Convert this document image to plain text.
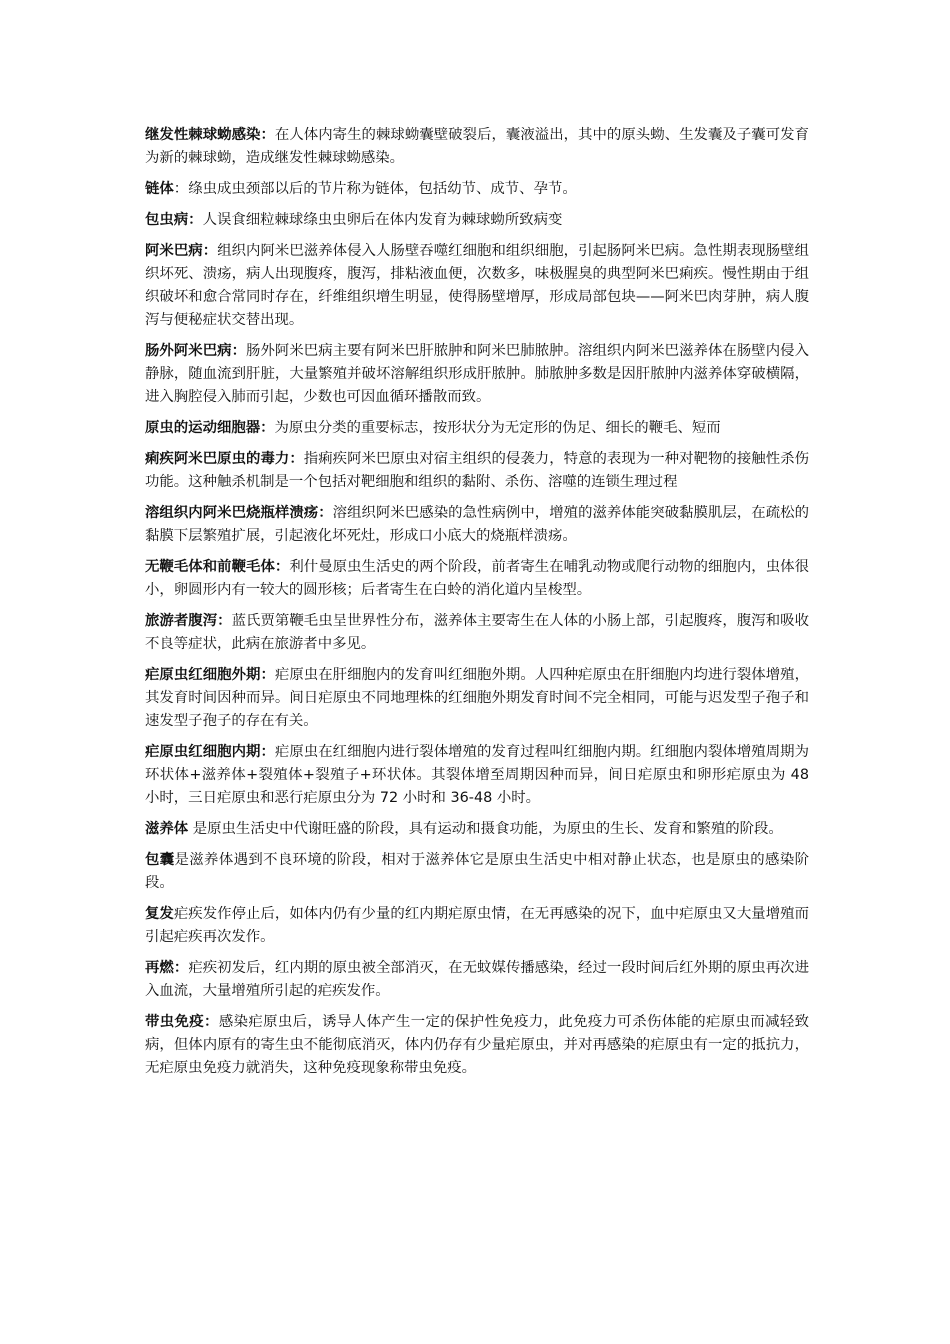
继发性棘球蚴感染：在人体内寄生的棘球蚴囊壁破裂后，囊液溢出，其中的原头蚴、生发囊及子囊可发育为新的棘球蚴，造成继发性棘球蚴感染。

链体：绦虫成虫颈部以后的节片称为链体，包括幼节、成节、孕节。

包虫病：人误食细粒棘球绦虫虫卵后在体内发育为棘球蚴所致病变

阿米巴病：组织内阿米巴滋养体侵入人肠壁吞噬红细胞和组织细胞，引起肠阿米巴病。急性期表现肠壁组织坏死、溃疡，病人出现腹疼，腹泻，排粘液血便，次数多，味极腥臭的典型阿米巴痢疾。慢性期由于组织破坏和愈合常同时存在，纤维组织增生明显，使得肠壁增厚，形成局部包块——阿米巴肉芽肿，病人腹泻与便秘症状交替出现。

肠外阿米巴病：肠外阿米巴病主要有阿米巴肝脓肿和阿米巴肺脓肿。溶组织内阿米巴滋养体在肠壁内侵入静脉，随血流到肝脏，大量繁殖并破坏溶解组织形成肝脓肿。肺脓肿多数是因肝脓肿内滋养体穿破横隔，进入胸腔侵入肺而引起，少数也可因血循环播散而致。

原虫的运动细胞器：为原虫分类的重要标志，按形状分为无定形的伪足、细长的鞭毛、短而

痢疾阿米巴原虫的毒力：指痢疾阿米巴原虫对宿主组织的侵袭力，特意的表现为一种对靶物的接触性杀伤功能。这种触杀机制是一个包括对靶细胞和组织的黏附、杀伤、溶噬的连锁生理过程

溶组织内阿米巴烧瓶样溃疡：溶组织阿米巴感染的急性病例中，增殖的滋养体能突破黏膜肌层，在疏松的黏膜下层繁殖扩展，引起液化坏死灶，形成口小底大的烧瓶样溃疡。

无鞭毛体和前鞭毛体：利什曼原虫生活史的两个阶段，前者寄生在哺乳动物或爬行动物的细胞内，虫体很小，卵圆形内有一较大的圆形核；后者寄生在白蛉的消化道内呈梭型。

旅游者腹泻：蓝氏贾第鞭毛虫呈世界性分布，滋养体主要寄生在人体的小肠上部，引起腹疼，腹泻和吸收不良等症状，此病在旅游者中多见。

疟原虫红细胞外期：疟原虫在肝细胞内的发育叫红细胞外期。人四种疟原虫在肝细胞内均进行裂体增殖，其发育时间因种而异。间日疟原虫不同地理株的红细胞外期发育时间不完全相同，可能与迟发型子孢子和速发型子孢子的存在有关。

疟原虫红细胞内期：疟原虫在红细胞内进行裂体增殖的发育过程叫红细胞内期。红细胞内裂体增殖周期为环状体+滋养体+裂殖体+裂殖子+环状体。其裂体增至周期因种而异，间日疟原虫和卵形疟原虫为 48 小时，三日疟原虫和恶行疟原虫分为 72 小时和 36-48 小时。

滋养体 是原虫生活史中代谢旺盛的阶段，具有运动和摄食功能，为原虫的生长、发育和繁殖的阶段。

包囊是滋养体遇到不良环境的阶段，相对于滋养体它是原虫生活史中相对静止状态，也是原虫的感染阶段。

复发疟疾发作停止后，如体内仍有少量的红内期疟原虫情，在无再感染的况下，血中疟原虫又大量增殖而引起疟疾再次发作。

再燃：疟疾初发后，红内期的原虫被全部消灭，在无蚊媒传播感染，经过一段时间后红外期的原虫再次进入血流，大量增殖所引起的疟疾发作。

带虫免疫：感染疟原虫后，诱导人体产生一定的保护性免疫力，此免疫力可杀伤体能的疟原虫而减轻致病，但体内原有的寄生虫不能彻底消灭，体内仍存有少量疟原虫，并对再感染的疟原虫有一定的抵抗力，无疟原虫免疫力就消失，这种免疫现象称带虫免疫。
